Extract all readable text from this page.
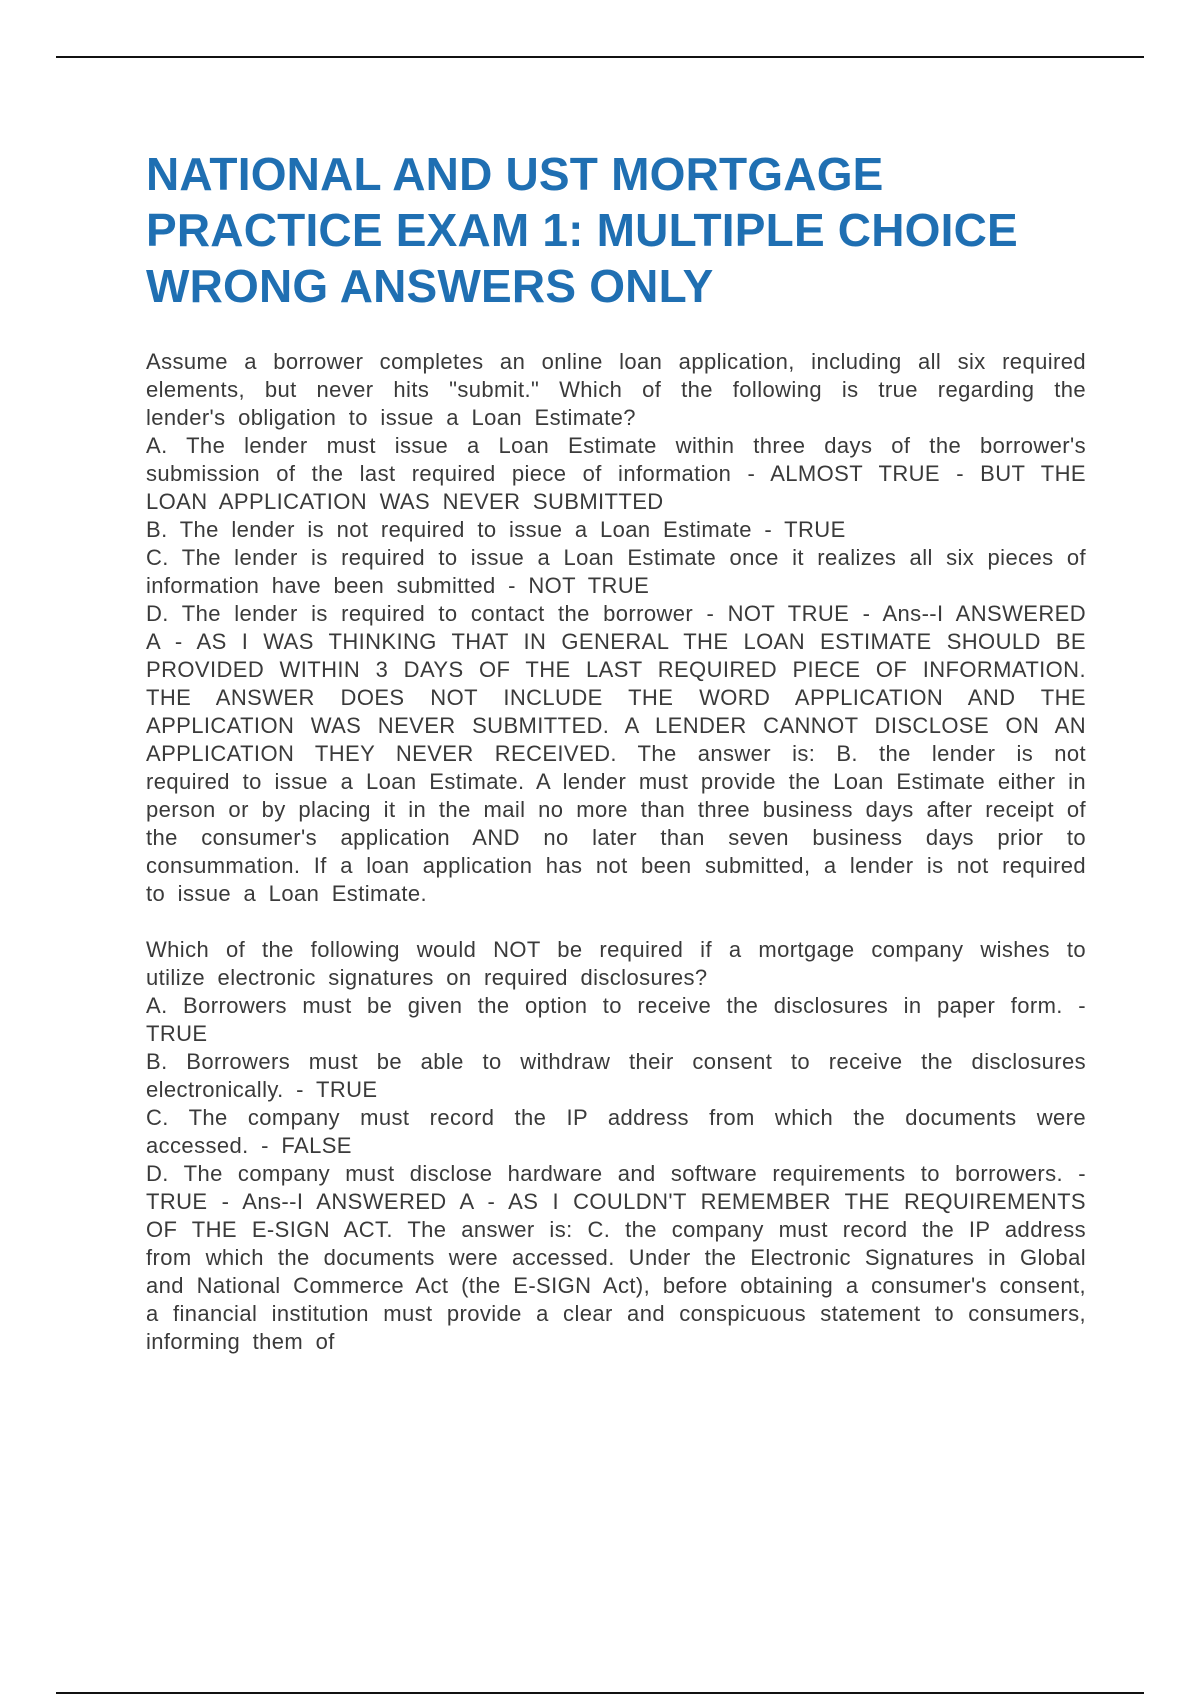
NATIONAL AND UST MORTGAGE PRACTICE EXAM 1: MULTIPLE CHOICE WRONG ANSWERS ONLY

Assume a borrower completes an online loan application, including all six required elements, but never hits "submit." Which of the following is true regarding the lender's obligation to issue a Loan Estimate?

A. The lender must issue a Loan Estimate within three days of the borrower's submission of the last required piece of information - ALMOST TRUE - BUT THE LOAN APPLICATION WAS NEVER SUBMITTED

B. The lender is not required to issue a Loan Estimate - TRUE

C. The lender is required to issue a Loan Estimate once it realizes all six pieces of information have been submitted - NOT TRUE

D. The lender is required to contact the borrower - NOT TRUE - Ans--I ANSWERED A - AS I WAS THINKING THAT IN GENERAL THE LOAN ESTIMATE SHOULD BE PROVIDED WITHIN 3 DAYS OF THE LAST REQUIRED PIECE OF INFORMATION. THE ANSWER DOES NOT INCLUDE THE WORD APPLICATION AND THE APPLICATION WAS NEVER SUBMITTED. A LENDER CANNOT DISCLOSE ON AN APPLICATION THEY NEVER RECEIVED. The answer is: B. the lender is not required to issue a Loan Estimate. A lender must provide the Loan Estimate either in person or by placing it in the mail no more than three business days after receipt of the consumer's application AND no later than seven business days prior to consummation. If a loan application has not been submitted, a lender is not required to issue a Loan Estimate.

Which of the following would NOT be required if a mortgage company wishes to utilize electronic signatures on required disclosures?

A. Borrowers must be given the option to receive the disclosures in paper form. - TRUE

B. Borrowers must be able to withdraw their consent to receive the disclosures electronically. - TRUE

C. The company must record the IP address from which the documents were accessed. - FALSE

D. The company must disclose hardware and software requirements to borrowers. - TRUE - Ans--I ANSWERED A - AS I COULDN'T REMEMBER THE REQUIREMENTS OF THE E-SIGN ACT. The answer is: C. the company must record the IP address from which the documents were accessed. Under the Electronic Signatures in Global and National Commerce Act (the E-SIGN Act), before obtaining a consumer's consent, a financial institution must provide a clear and conspicuous statement to consumers, informing them of
